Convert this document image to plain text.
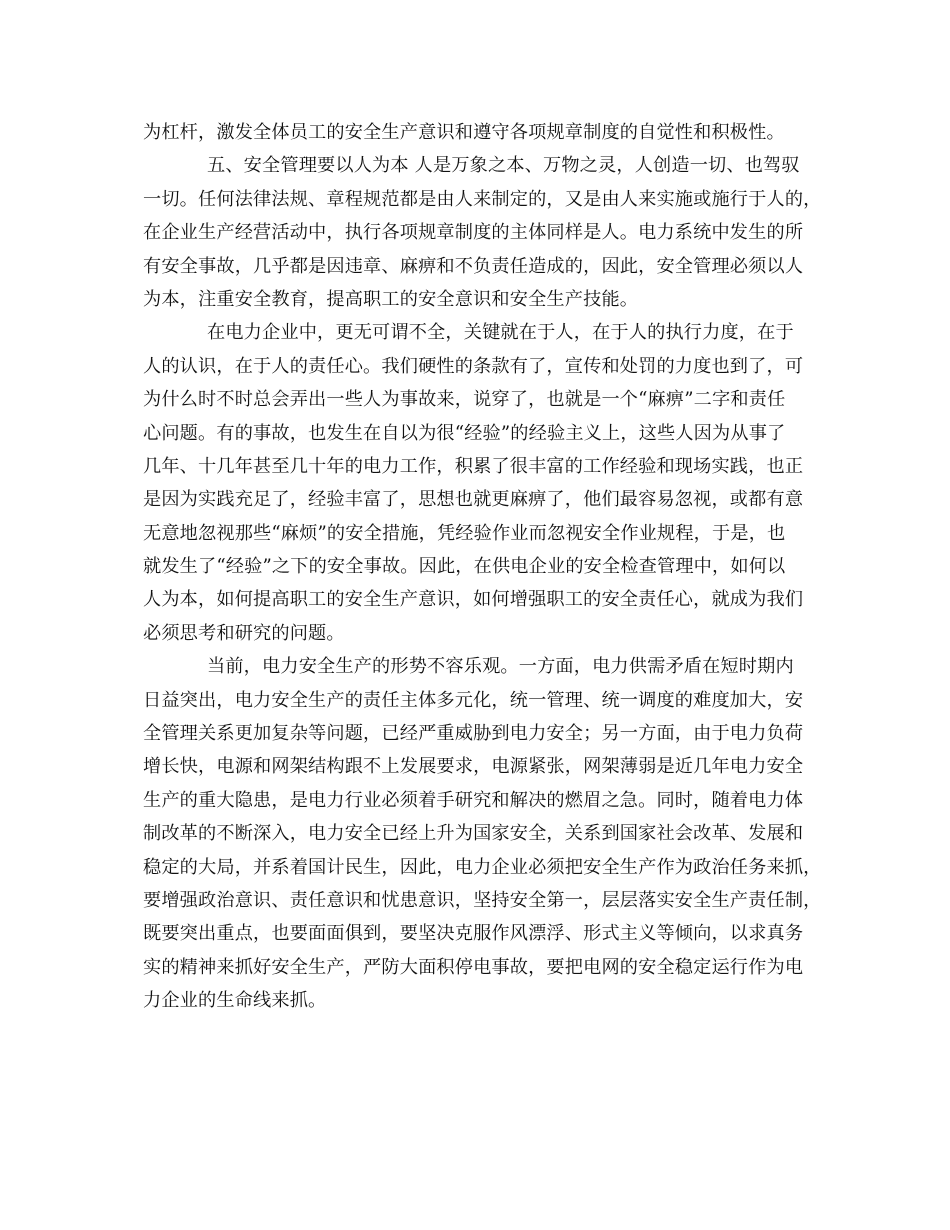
为杠杆，激发全体员工的安全生产意识和遵守各项规章制度的自觉性和积极性。
五、安全管理要以人为本 人是万象之本、万物之灵，人创造一切、也驾驭
一切。任何法律法规、章程规范都是由人来制定的，又是由人来实施或施行于人的，
在企业生产经营活动中，执行各项规章制度的主体同样是人。电力系统中发生的所
有安全事故，几乎都是因违章、麻痹和不负责任造成的，因此，安全管理必须以人
为本，注重安全教育，提高职工的安全意识和安全生产技能。
在电力企业中，更无可谓不全，关键就在于人，在于人的执行力度，在于
人的认识，在于人的责任心。我们硬性的条款有了，宣传和处罚的力度也到了，可
为什么时不时总会弄出一些人为事故来，说穿了，也就是一个“麻痹”二字和责任
心问题。有的事故，也发生在自以为很“经验”的经验主义上，这些人因为从事了
几年、十几年甚至几十年的电力工作，积累了很丰富的工作经验和现场实践，也正
是因为实践充足了，经验丰富了，思想也就更麻痹了，他们最容易忽视，或都有意
无意地忽视那些“麻烦”的安全措施，凭经验作业而忽视安全作业规程，于是，也
就发生了“经验”之下的安全事故。因此，在供电企业的安全检查管理中，如何以
人为本，如何提高职工的安全生产意识，如何增强职工的安全责任心，就成为我们
必须思考和研究的问题。
当前，电力安全生产的形势不容乐观。一方面，电力供需矛盾在短时期内
日益突出，电力安全生产的责任主体多元化，统一管理、统一调度的难度加大，安
全管理关系更加复杂等问题，已经严重威胁到电力安全；另一方面，由于电力负荷
增长快，电源和网架结构跟不上发展要求，电源紧张，网架薄弱是近几年电力安全
生产的重大隐患，是电力行业必须着手研究和解决的燃眉之急。同时，随着电力体
制改革的不断深入，电力安全已经上升为国家安全，关系到国家社会改革、发展和
稳定的大局，并系着国计民生，因此，电力企业必须把安全生产作为政治任务来抓，
要增强政治意识、责任意识和忧患意识，坚持安全第一，层层落实安全生产责任制，
既要突出重点，也要面面俱到，要坚决克服作风漂浮、形式主义等倾向，以求真务
实的精神来抓好安全生产，严防大面积停电事故，要把电网的安全稳定运行作为电
力企业的生命线来抓。
